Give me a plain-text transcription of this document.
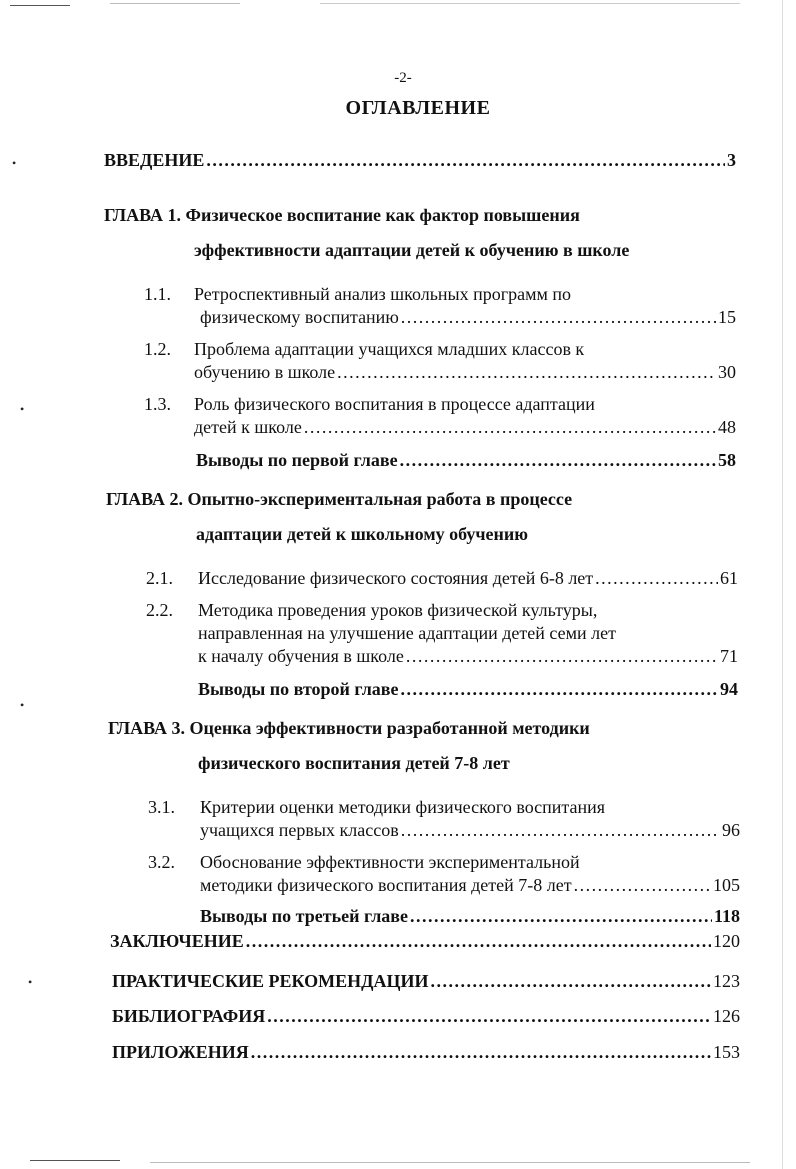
•
•
•
•
-2-
ОГЛАВЛЕНИЕ
ВВЕДЕНИЕ . . .	3
ГЛАВА 1. Физическое воспитание как фактор повышения
эффективности адаптации детей к обучению в школе
1.1. Ретроспективный анализ школьных программ по
физическому воспитанию . . .	15
1.2. Проблема адаптации учащихся младших классов к
обучению в школе . . .	30
1.3. Роль физического воспитания в процессе адаптации
детей к школе . . .	48
Выводы по первой главе . . .	58
ГЛАВА 2. Опытно-экспериментальная работа в процессе
адаптации детей к школьному обучению
2.1. Исследование физического состояния детей 6-8 лет . . .	61
2.2. Методика проведения уроков физической культуры,
направленная на улучшение адаптации детей семи лет
к началу обучения в школе . . .	71
Выводы по второй главе . . .	94
ГЛАВА 3. Оценка эффективности разработанной методики
физического воспитания детей 7-8 лет
3.1. Критерии оценки методики физического воспитания
учащихся первых классов . . .	96
3.2. Обоснование эффективности экспериментальной
методики физического воспитания детей 7-8 лет . . .	105
Выводы по третьей главе . . .	118
ЗАКЛЮЧЕНИЕ . . .	120
ПРАКТИЧЕСКИЕ РЕКОМЕНДАЦИИ . . .	123
БИБЛИОГРАФИЯ . . .	126
ПРИЛОЖЕНИЯ . . .	153
